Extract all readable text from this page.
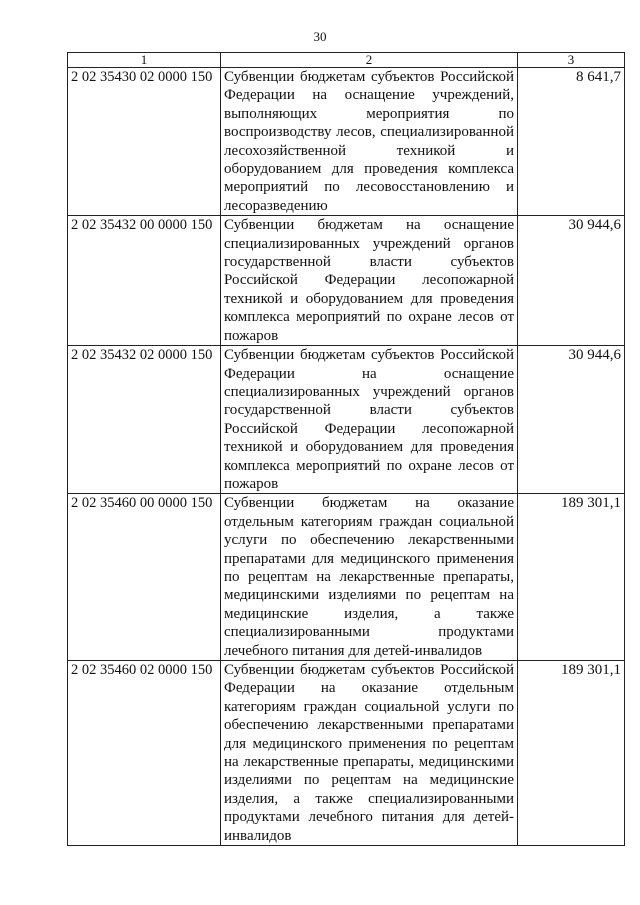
30
1	2	3
2 02 35430 02 0000 150	Субвенции бюджетам субъектов Российской Федерации на оснащение учреждений, выполняющих мероприятия по воспроизводству лесов, специализированной лесохозяйственной техникой и оборудованием для проведения комплекса мероприятий по лесовосстановлению и лесоразведению	8 641,7
2 02 35432 00 0000 150	Субвенции бюджетам на оснащение специализированных учреждений органов государственной власти субъектов Российской Федерации лесопожарной техникой и оборудованием для проведения комплекса мероприятий по охране лесов от пожаров	30 944,6
2 02 35432 02 0000 150	Субвенции бюджетам субъектов Российской Федерации на оснащение специализированных учреждений органов государственной власти субъектов Российской Федерации лесопожарной техникой и оборудованием для проведения комплекса мероприятий по охране лесов от пожаров	30 944,6
2 02 35460 00 0000 150	Субвенции бюджетам на оказание отдельным категориям граждан социальной услуги по обеспечению лекарственными препаратами для медицинского применения по рецептам на лекарственные препараты, медицинскими изделиями по рецептам на медицинские изделия, а также специализированными продуктами лечебного питания для детей-инвалидов	189 301,1
2 02 35460 02 0000 150	Субвенции бюджетам субъектов Российской Федерации на оказание отдельным категориям граждан социальной услуги по обеспечению лекарственными препаратами для медицинского применения по рецептам на лекарственные препараты, медицинскими изделиями по рецептам на медицинские изделия, а также специализированными продуктами лечебного питания для детей-инвалидов	189 301,1
